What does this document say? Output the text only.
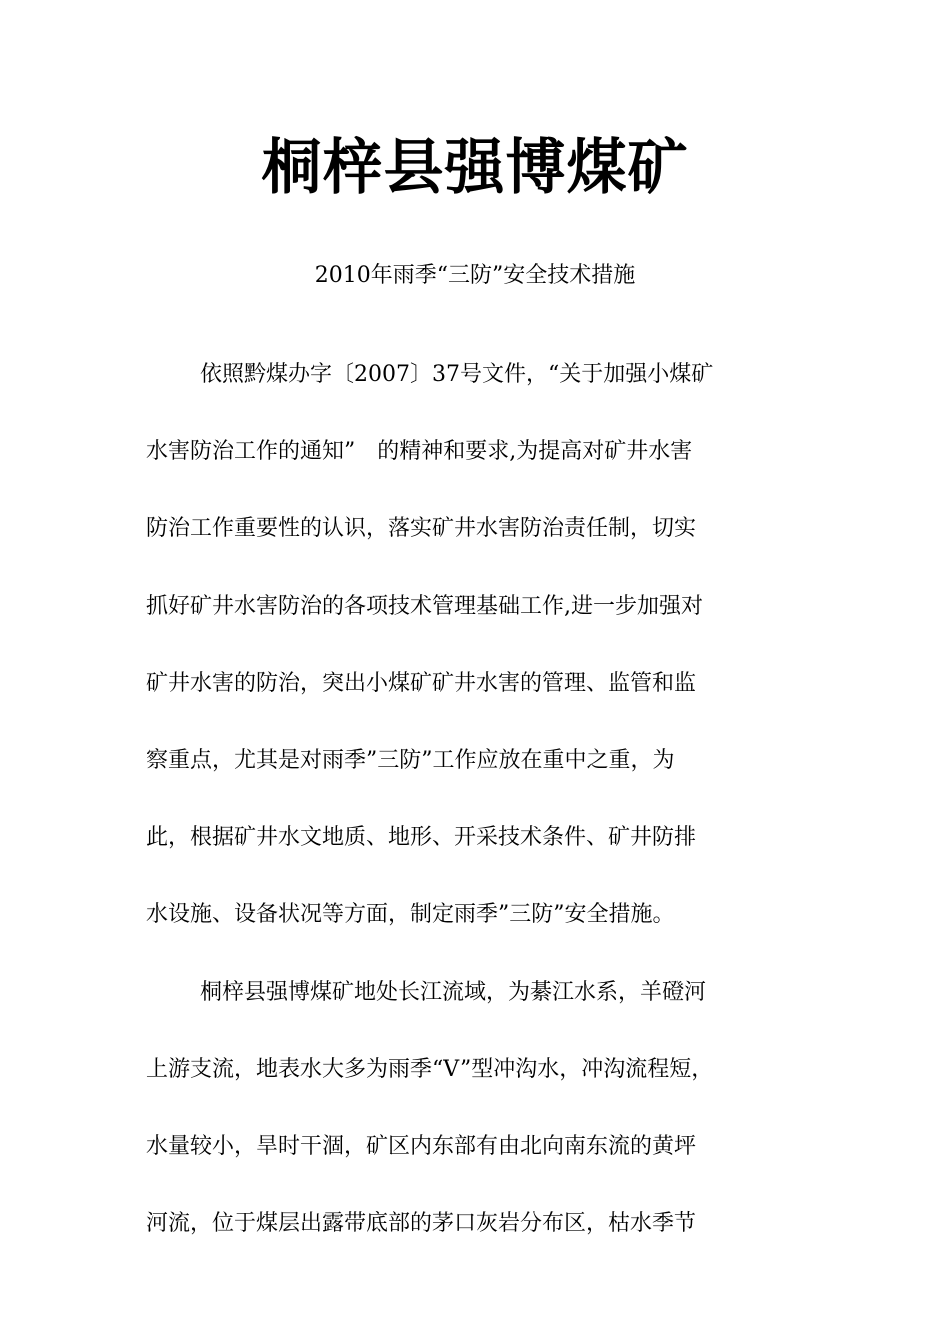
桐梓县强博煤矿
2010年雨季“三防”安全技术措施
依照黔煤办字〔2007〕37号文件，“关于加强小煤矿
水害防治工作的通知”　的精神和要求,为提高对矿井水害
防治工作重要性的认识，落实矿井水害防治责任制，切实
抓好矿井水害防治的各项技术管理基础工作,进一步加强对
矿井水害的防治，突出小煤矿矿井水害的管理、监管和监
察重点，尤其是对雨季”三防”工作应放在重中之重，为
此，根据矿井水文地质、地形、开采技术条件、矿井防排
水设施、设备状况等方面，制定雨季”三防”安全措施。
桐梓县强博煤矿地处长江流域，为綦江水系，羊磴河
上游支流，地表水大多为雨季“V”型冲沟水，冲沟流程短，
水量较小，旱时干涸，矿区内东部有由北向南东流的黄坪
河流，位于煤层出露带底部的茅口灰岩分布区，枯水季节
